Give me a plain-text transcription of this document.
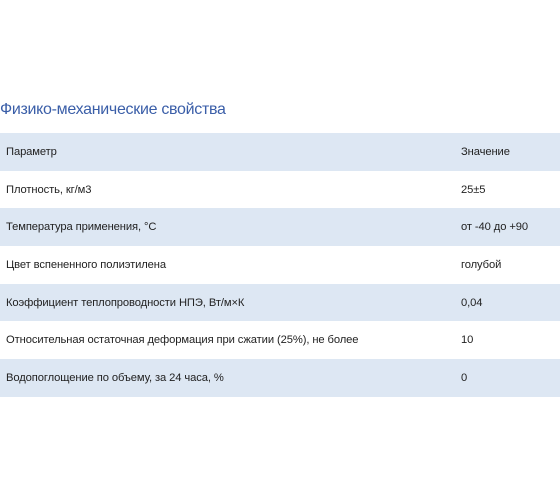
Физико-механические свойства
Параметр	Значение
Плотность, кг/м3	25±5
Температура применения, °С	от -40 до +90
Цвет вспененного полиэтилена	голубой
Коэффициент теплопроводности НПЭ, Вт/м×К	0,04
Относительная остаточная деформация при сжатии (25%), не более	10
Водопоглощение по объему, за 24 часа, %	0
